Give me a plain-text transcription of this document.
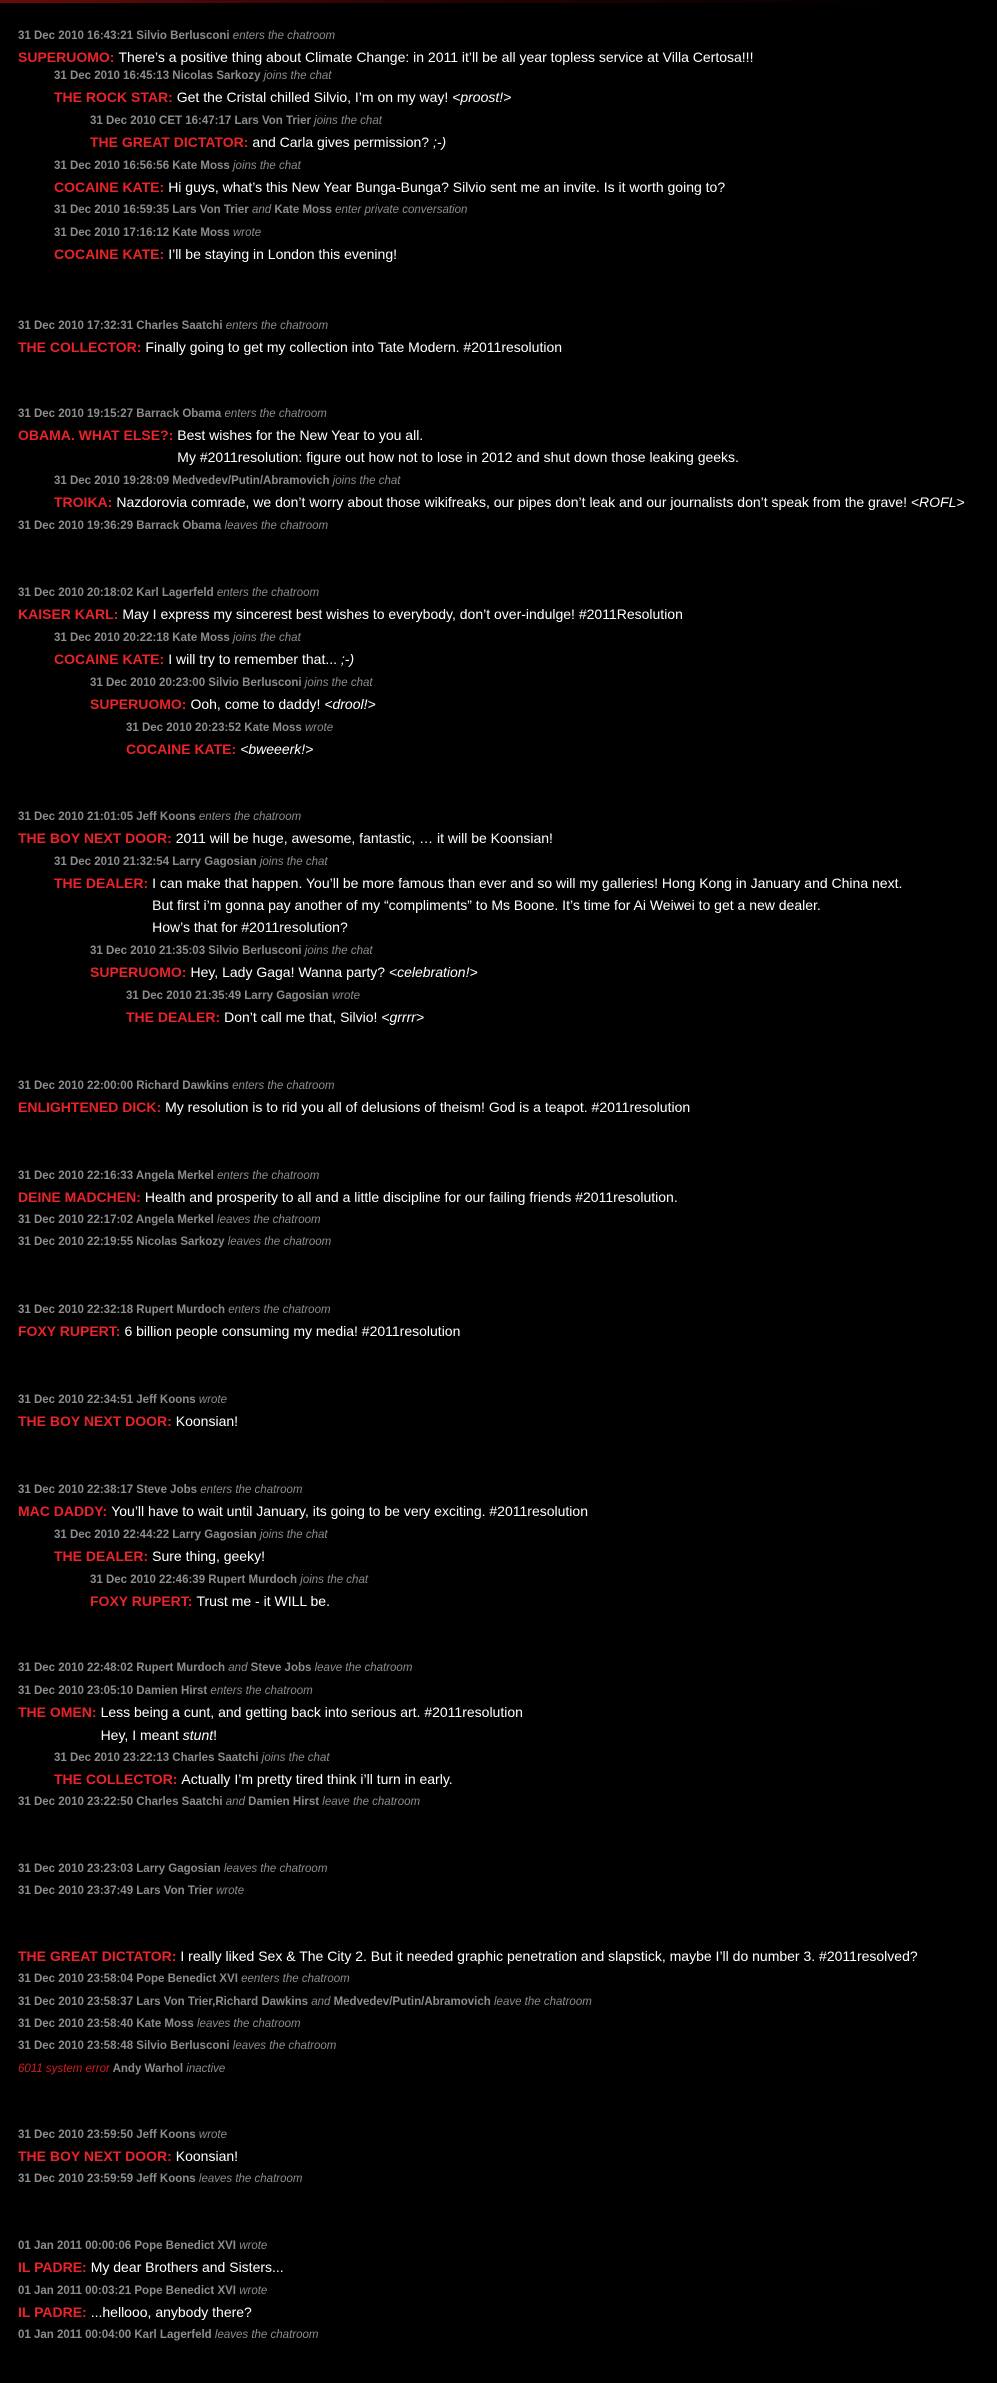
31 Dec 2010 16:43:21 Silvio Berlusconi enters the chatroom
SUPERUOMO: There’s a positive thing about Climate Change: in 2011 it’ll be all year topless service at Villa Certosa!!!
31 Dec 2010 16:45:13 Nicolas Sarkozy joins the chat
THE ROCK STAR: Get the Cristal chilled Silvio, I’m on my way! <proost!>
31 Dec 2010 CET 16:47:17 Lars Von Trier joins the chat
THE GREAT DICTATOR: and Carla gives permission? ;-)
31 Dec 2010 16:56:56 Kate Moss joins the chat
COCAINE KATE: Hi guys, what’s this New Year Bunga-Bunga? Silvio sent me an invite. Is it worth going to?
31 Dec 2010 16:59:35 Lars Von Trier and Kate Moss enter private conversation
31 Dec 2010 17:16:12 Kate Moss wrote
COCAINE KATE: I’ll be staying in London this evening!
31 Dec 2010 17:32:31 Charles Saatchi enters the chatroom
THE COLLECTOR: Finally going to get my collection into Tate Modern. #2011resolution
31 Dec 2010 19:15:27 Barrack Obama enters the chatroom
OBAMA. WHAT ELSE?: Best wishes for the New Year to you all.
My #2011resolution: figure out how not to lose in 2012 and shut down those leaking geeks.
31 Dec 2010 19:28:09 Medvedev/Putin/Abramovich joins the chat
TROIKA: Nazdorovia comrade, we don’t worry about those wikifreaks, our pipes don’t leak and our journalists don’t speak from the grave! <ROFL>
31 Dec 2010 19:36:29 Barrack Obama leaves the chatroom
31 Dec 2010 20:18:02 Karl Lagerfeld enters the chatroom
KAISER KARL: May I express my sincerest best wishes to everybody, don’t over-indulge! #2011Resolution
31 Dec 2010 20:22:18 Kate Moss joins the chat
COCAINE KATE: I will try to remember that... ;-)
31 Dec 2010 20:23:00 Silvio Berlusconi joins the chat
SUPERUOMO: Ooh, come to daddy! <drool!>
31 Dec 2010 20:23:52 Kate Moss wrote
COCAINE KATE: <bweeerk!>
31 Dec 2010 21:01:05 Jeff Koons enters the chatroom
THE BOY NEXT DOOR: 2011 will be huge, awesome, fantastic, … it will be Koonsian!
31 Dec 2010 21:32:54 Larry Gagosian joins the chat
THE DEALER: I can make that happen. You’ll be more famous than ever and so will my galleries! Hong Kong in January and China next.
But first i’m gonna pay another of my “compliments” to Ms Boone. It’s time for Ai Weiwei to get a new dealer.
How’s that for #2011resolution?
31 Dec 2010 21:35:03 Silvio Berlusconi joins the chat
SUPERUOMO: Hey, Lady Gaga! Wanna party? <celebration!>
31 Dec 2010 21:35:49 Larry Gagosian wrote
THE DEALER: Don’t call me that, Silvio! <grrrr>
31 Dec 2010 22:00:00 Richard Dawkins enters the chatroom
ENLIGHTENED DICK: My resolution is to rid you all of delusions of theism! God is a teapot. #2011resolution
31 Dec 2010 22:16:33 Angela Merkel enters the chatroom
DEINE MADCHEN: Health and prosperity to all and a little discipline for our failing friends #2011resolution.
31 Dec 2010 22:17:02 Angela Merkel leaves the chatroom
31 Dec 2010 22:19:55 Nicolas Sarkozy leaves the chatroom
31 Dec 2010 22:32:18 Rupert Murdoch enters the chatroom
FOXY RUPERT: 6 billion people consuming my media! #2011resolution
31 Dec 2010 22:34:51 Jeff Koons wrote
THE BOY NEXT DOOR: Koonsian!
31 Dec 2010 22:38:17 Steve Jobs enters the chatroom
MAC DADDY: You’ll have to wait until January, its going to be very exciting. #2011resolution
31 Dec 2010 22:44:22 Larry Gagosian joins the chat
THE DEALER: Sure thing, geeky!
31 Dec 2010 22:46:39 Rupert Murdoch joins the chat
FOXY RUPERT: Trust me - it WILL be.
31 Dec 2010 22:48:02 Rupert Murdoch and Steve Jobs leave the chatroom
31 Dec 2010 23:05:10 Damien Hirst enters the chatroom
THE OMEN: Less being a cunt, and getting back into serious art. #2011resolution
Hey, I meant stunt!
31 Dec 2010 23:22:13 Charles Saatchi joins the chat
THE COLLECTOR: Actually I’m pretty tired think i’ll turn in early.
31 Dec 2010 23:22:50 Charles Saatchi and Damien Hirst leave the chatroom
31 Dec 2010 23:23:03 Larry Gagosian leaves the chatroom
31 Dec 2010 23:37:49 Lars Von Trier wrote
THE GREAT DICTATOR: I really liked Sex & The City 2. But it needed graphic penetration and slapstick, maybe I’ll do number 3. #2011resolved?
31 Dec 2010 23:58:04 Pope Benedict XVI eenters the chatroom
31 Dec 2010 23:58:37 Lars Von Trier,Richard Dawkins and Medvedev/Putin/Abramovich leave the chatroom
31 Dec 2010 23:58:40 Kate Moss leaves the chatroom
31 Dec 2010 23:58:48 Silvio Berlusconi leaves the chatroom
6011 system error Andy Warhol inactive
31 Dec 2010 23:59:50 Jeff Koons wrote
THE BOY NEXT DOOR: Koonsian!
31 Dec 2010 23:59:59 Jeff Koons leaves the chatroom
01 Jan 2011 00:00:06 Pope Benedict XVI wrote
IL PADRE: My dear Brothers and Sisters...
01 Jan 2011 00:03:21 Pope Benedict XVI wrote
IL PADRE: ...hellooo, anybody there?
01 Jan 2011 00:04:00 Karl Lagerfeld leaves the chatroom
